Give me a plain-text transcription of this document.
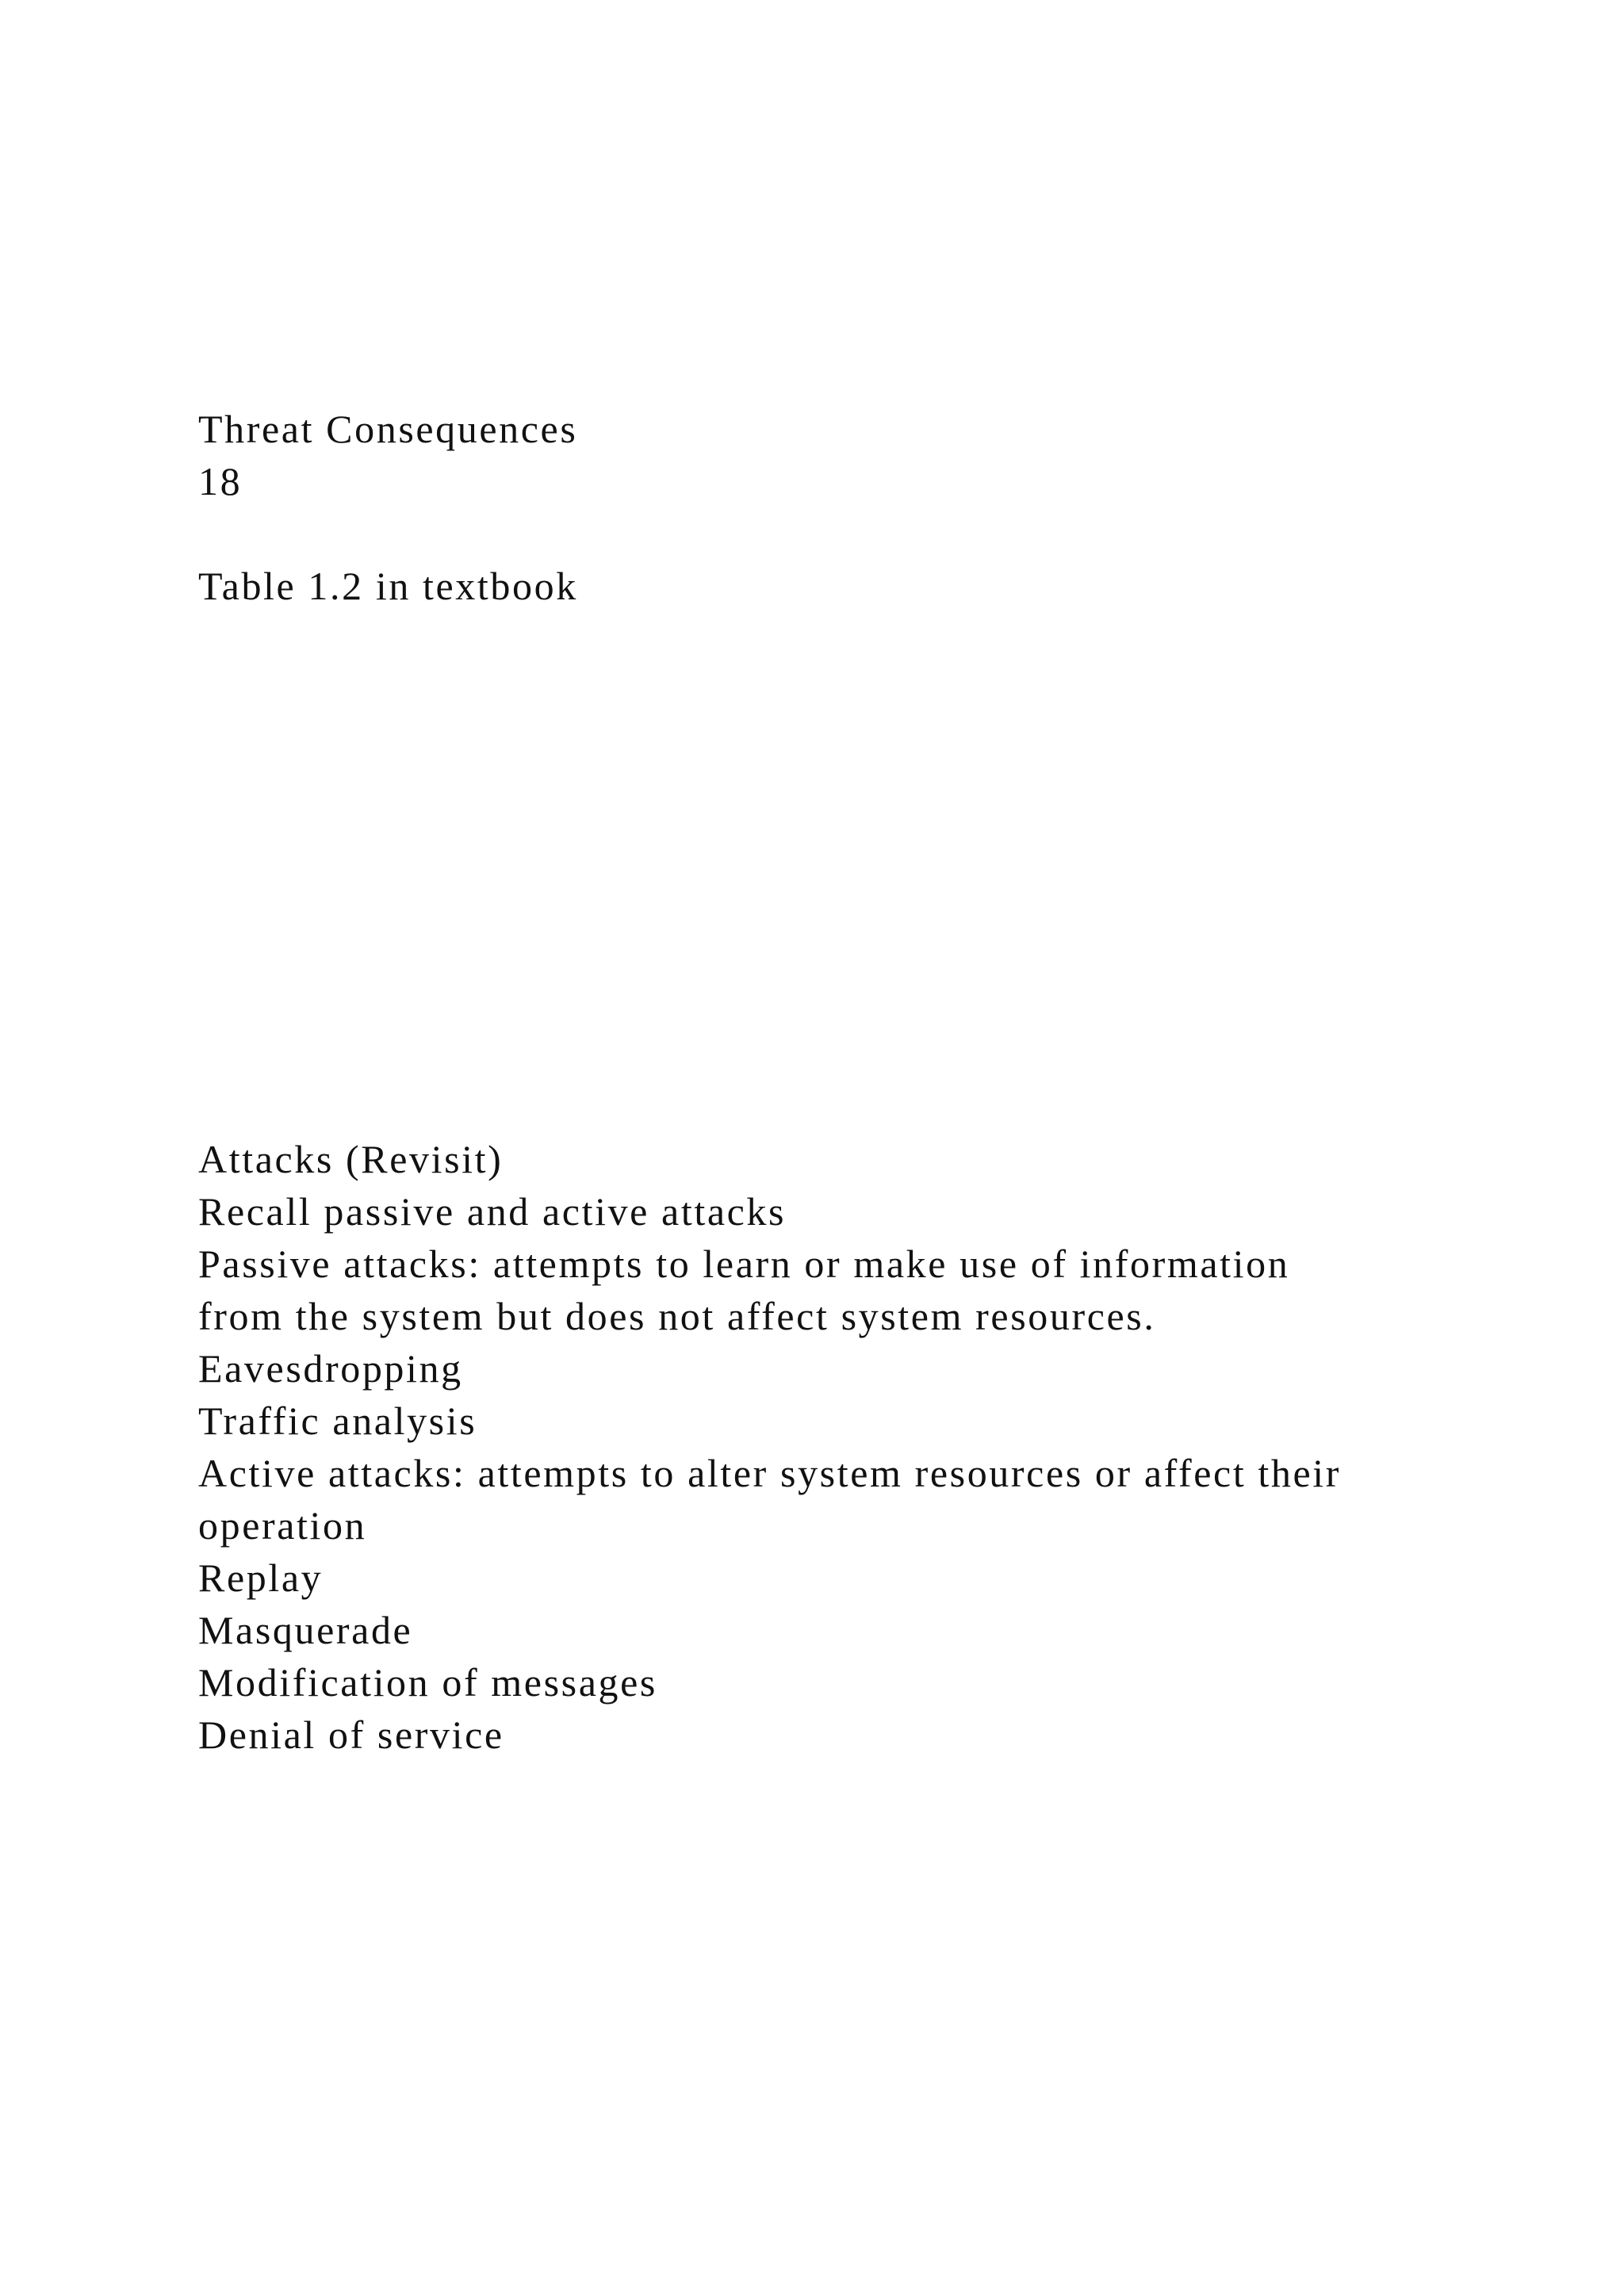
Threat Consequences

18

Table 1.2 in textbook

Attacks (Revisit)

Recall passive and active attacks

Passive attacks: attempts to learn or make use of information

from the system but does not affect system resources.

Eavesdropping

Traffic analysis

Active attacks: attempts to alter system resources or affect their

operation

Replay

Masquerade

Modification of messages

Denial of service
